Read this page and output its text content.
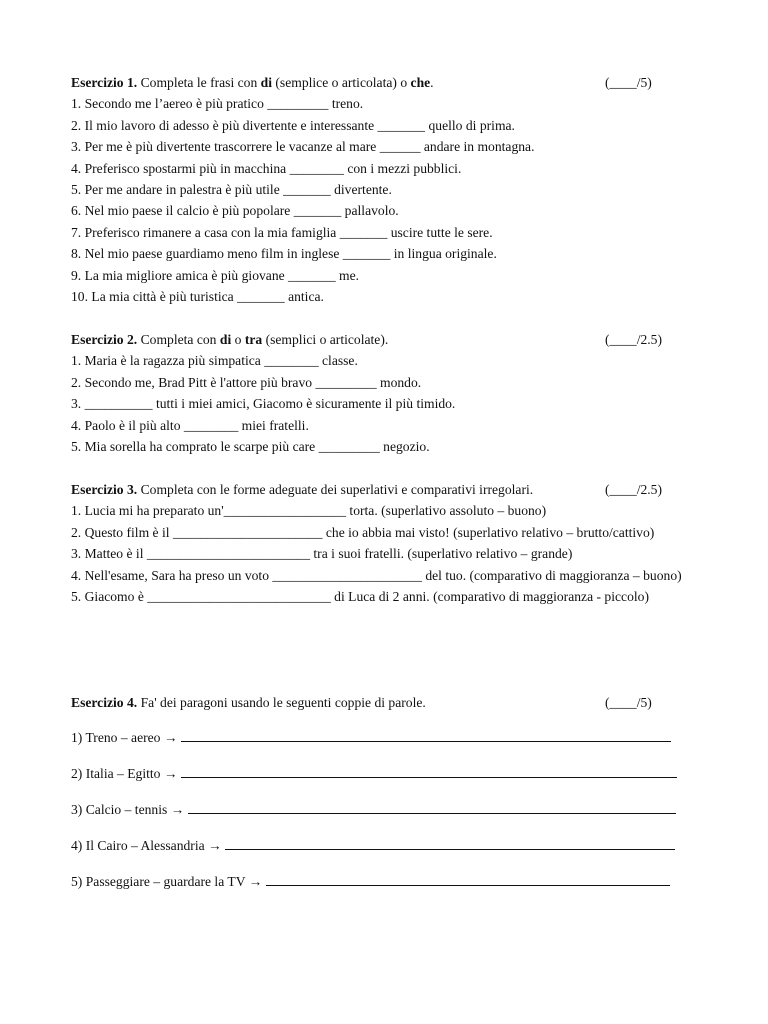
Esercizio 1. Completa le frasi con di (semplice o articolata) o che.	(____/5)
1. Secondo me l’aereo è più pratico _________ treno.
2. Il mio lavoro di adesso è più divertente e interessante _______ quello di prima.
3. Per me è più divertente trascorrere le vacanze al mare ______ andare in montagna.
4. Preferisco spostarmi più in macchina ________ con i mezzi pubblici.
5. Per me andare in palestra è più utile _______ divertente.
6. Nel mio paese il calcio è più popolare _______ pallavolo.
7. Preferisco rimanere a casa con la mia famiglia _______ uscire tutte le sere.
8. Nel mio paese guardiamo meno film in inglese _______ in lingua originale.
9. La mia migliore amica è più giovane _______ me.
10. La mia città è più turistica _______ antica.
Esercizio 2. Completa con di o tra (semplici o articolate).	(____/2.5)
1. Maria è la ragazza più simpatica ________ classe.
2. Secondo me, Brad Pitt è l'attore più bravo _________ mondo.
3. __________ tutti i miei amici, Giacomo è sicuramente il più timido.
4. Paolo è il più alto ________ miei fratelli.
5. Mia sorella ha comprato le scarpe più care _________ negozio.
Esercizio 3. Completa con le forme adeguate dei superlativi e comparativi irregolari.	(____/2.5)
1. Lucia mi ha preparato un'__________________ torta. (superlativo assoluto – buono)
2. Questo film è il ______________________ che io abbia mai visto! (superlativo relativo – brutto/cattivo)
3. Matteo è il ________________________ tra i suoi fratelli. (superlativo relativo – grande)
4. Nell'esame, Sara ha preso un voto ______________________ del tuo. (comparativo di maggioranza – buono)
5. Giacomo è ___________________________ di Luca di 2 anni. (comparativo di maggioranza - piccolo)
Esercizio 4. Fa' dei paragoni usando le seguenti coppie di parole.	(____/5)
1) Treno – aereo →
2) Italia – Egitto →
3) Calcio – tennis →
4) Il Cairo – Alessandria →
5) Passeggiare – guardare la TV →
